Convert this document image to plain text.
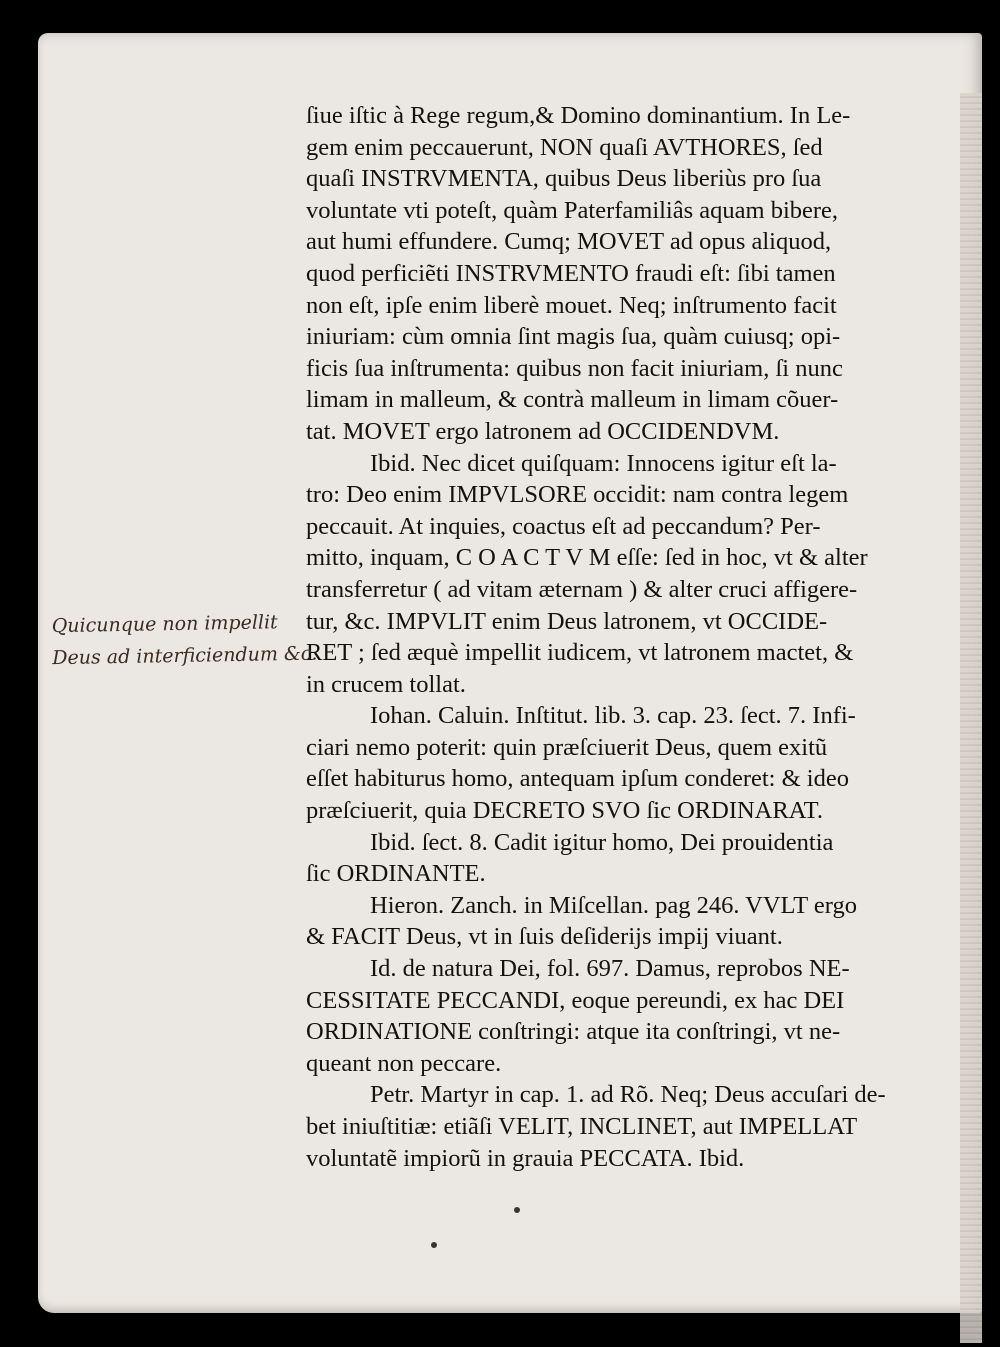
ſiue iſtic à Rege regum,& Domino dominantium. In Le-
gem enim peccauerunt, NON quaſi AVTHORES, ſed
quaſi INSTRVMENTA, quibus Deus liberiùs pro ſua
voluntate vti poteſt, quàm Paterfamiliâs aquam bibere,
aut humi effundere. Cumq; MOVET ad opus aliquod,
quod perficiẽti INSTRVMENTO fraudi eſt: ſibi tamen
non eſt, ipſe enim liberè mouet. Neq; inſtrumento facit
iniuriam: cùm omnia ſint magis ſua, quàm cuiusq; opi-
ficis ſua inſtrumenta: quibus non facit iniuriam, ſi nunc
limam in malleum, & contrà malleum in limam cõuer-
tat. MOVET ergo latronem ad OCCIDENDVM.
Ibid. Nec dicet quiſquam: Innocens igitur eſt la-
tro: Deo enim IMPVLSORE occidit: nam contra legem
peccauit. At inquies, coactus eſt ad peccandum? Per-
mitto, inquam, C O A C T V M eſſe: ſed in hoc, vt & alter
transferretur ( ad vitam æternam ) & alter cruci affigere-
tur, &c. IMPVLIT enim Deus latronem, vt OCCIDE-
RET ; ſed æquè impellit iudicem, vt latronem mactet, &
in crucem tollat.
Iohan. Caluin. Inſtitut. lib. 3. cap. 23. ſect. 7. Infi-
ciari nemo poterit: quin præſciuerit Deus, quem exitũ
eſſet habiturus homo, antequam ipſum conderet: & ideo
præſciuerit, quia DECRETO SVO ſic ORDINARAT.
Ibid. ſect. 8. Cadit igitur homo, Dei prouidentia
ſic ORDINANTE.
Hieron. Zanch. in Miſcellan. pag 246. VVLT ergo
& FACIT Deus, vt in ſuis deſiderijs impij viuant.
Id. de natura Dei, fol. 697. Damus, reprobos NE-
CESSITATE PECCANDI, eoque pereundi, ex hac DEI
ORDINATIONE conſtringi: atque ita conſtringi, vt ne-
queant non peccare.
Petr. Martyr in cap. 1. ad Rõ. Neq; Deus accuſari de-
bet iniuſtitiæ: etiãſi VELIT, INCLINET, aut IMPELLAT
voluntatẽ impiorũ in grauia PECCATA. Ibid.
Quicunque non impellit
Deus ad interficiendum &c.
